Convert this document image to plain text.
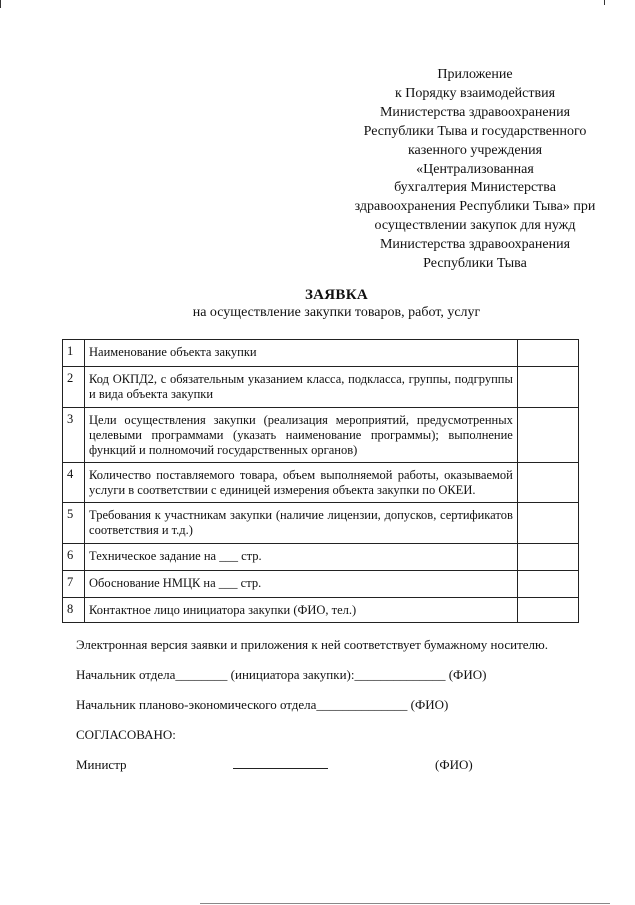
Приложение
к Порядку взаимодействия
Министерства здравоохранения
Республики Тыва и государственного
казенного учреждения
«Централизованная
бухгалтерия Министерства
здравоохранения Республики Тыва» при
осуществлении закупок для нужд
Министерства здравоохранения
Республики Тыва
ЗАЯВКА
на осуществление закупки товаров, работ, услуг
1	Наименование объекта закупки	
2	Код ОКПД2, с обязательным указанием класса, подкласса, группы, подгруппы и вида объекта закупки	
3	Цели осуществления закупки (реализация мероприятий, предусмотренных целевыми программами (указать наименование программы); выполнение функций и полномочий государственных органов)	
4	Количество поставляемого товара, объем выполняемой работы, оказываемой услуги в соответствии с единицей измерения объекта закупки по ОКЕИ.	
5	Требования к участникам закупки (наличие лицензии, допусков, сертификатов соответствия и т.д.)	
6	Техническое задание на ___ стр.	
7	Обоснование НМЦК на ___ стр.	
8	Контактное лицо инициатора закупки (ФИО, тел.)	
Электронная версия заявки и приложения к ней соответствует бумажному носителю.
Начальник отдела________ (инициатора закупки):______________ (ФИО)
Начальник планово-экономического отдела______________ (ФИО)
СОГЛАСОВАНО:
Министр	(ФИО)
